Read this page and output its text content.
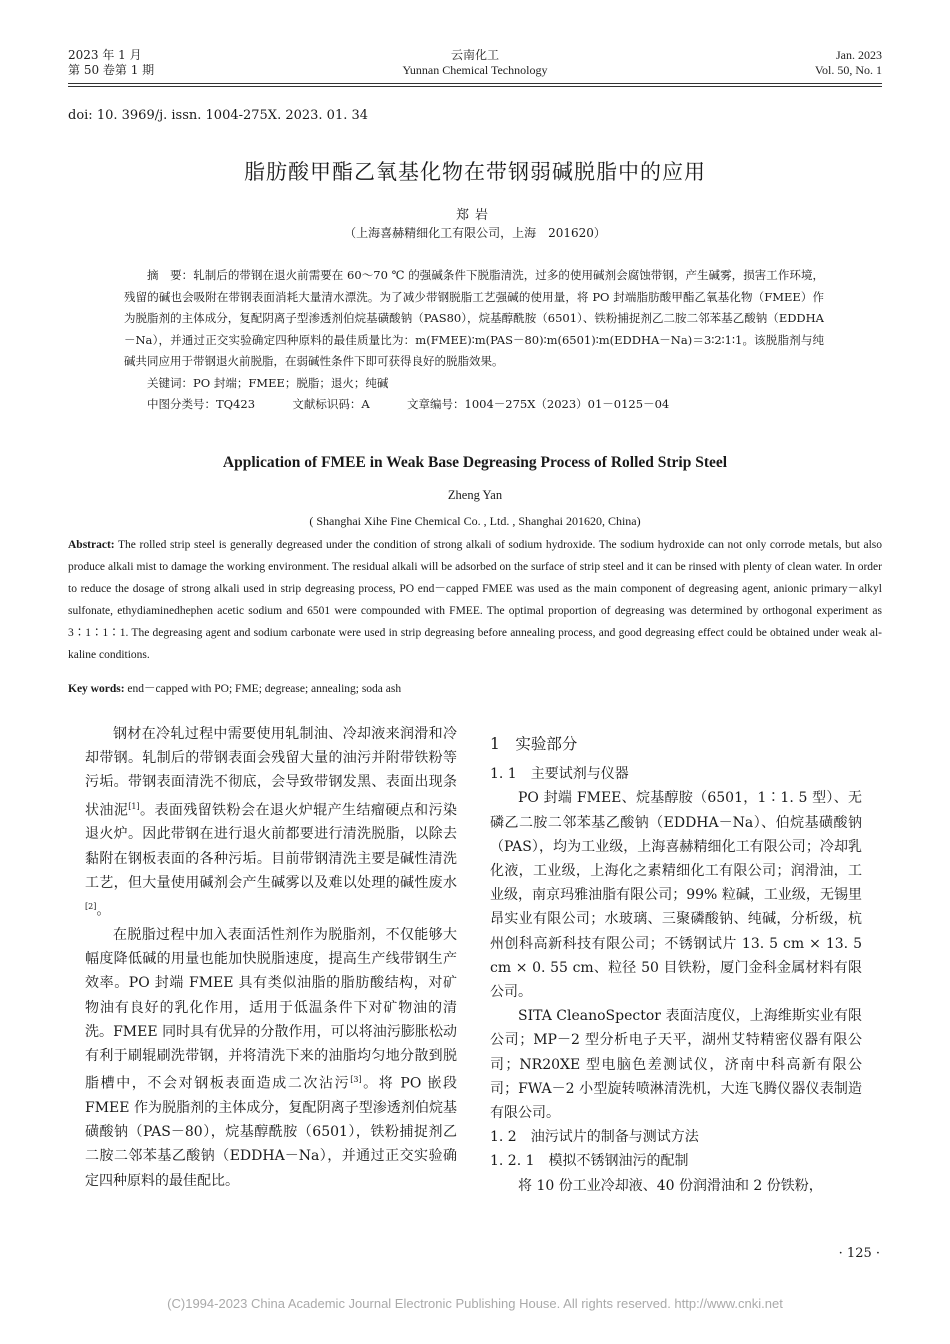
2023 年 1 月
第 50 卷第 1 期
云南化工
Yunnan Chemical Technology
Jan. 2023
Vol. 50, No. 1
doi: 10. 3969/j. issn. 1004-275X. 2023. 01. 34
脂肪酸甲酯乙氧基化物在带钢弱碱脱脂中的应用
郑岩
（上海喜赫精细化工有限公司，上海　201620）

摘　要：轧制后的带钢在退火前需要在 60～70 ℃ 的强碱条件下脱脂清洗，过多的使用碱剂会腐蚀带钢，产生碱雾，损害工作环境，残留的碱也会吸附在带钢表面消耗大量清水漂洗。为了减少带钢脱脂工艺强碱的使用量，将 PO 封端脂肪酸甲酯乙氧基化物（FMEE）作为脱脂剂的主体成分，复配阴离子型渗透剂伯烷基磺酸钠（PAS80），烷基醇酰胺（6501）、铁粉捕捉剂乙二胺二邻苯基乙酸钠（EDDHA－Na），并通过正交实验确定四种原料的最佳质量比为：m(FMEE)∶m(PAS－80)∶m(6501)∶m(EDDHA－Na)＝3∶2∶1∶1。该脱脂剂与纯碱共同应用于带钢退火前脱脂，在弱碱性条件下即可获得良好的脱脂效果。

关键词：PO 封端；FMEE；脱脂；退火；纯碱

中图分类号：TQ423	文献标识码：A	文章编号：1004－275X（2023）01－0125－04

Application of FMEE in Weak Base Degreasing Process of Rolled Strip Steel
Zheng Yan
( Shanghai Xihe Fine Chemical Co. , Ltd. , Shanghai 201620, China)

Abstract: The rolled strip steel is generally degreased under the condition of strong alkali of sodium hydroxide. The sodium hydroxide can not only corrode metals, but also produce alkali mist to damage the working environment. The residual alkali will be adsorbed on the surface of strip steel and it can be rinsed with plenty of clean water. In order to reduce the dosage of strong alkali used in strip degreasing process, PO end－capped FMEE was used as the main component of degreasing agent, anionic primary－alkyl sulfonate, ethydiaminedhephen acetic sodium and 6501 were compounded with FMEE. The optimal proportion of degreasing was determined by orthogonal experiment as 3∶1∶1∶1. The degreasing agent and sodium carbonate were used in strip degreasing before annealing process, and good degreasing effect could be obtained under weak al-kaline conditions.

Key words: end－capped with PO; FME; degrease; annealing; soda ash

钢材在冷轧过程中需要使用轧制油、冷却液来润滑和冷却带钢。轧制后的带钢表面会残留大量的油污并附带铁粉等污垢。带钢表面清洗不彻底，会导致带钢发黑、表面出现条状油泥[1]。表面残留铁粉会在退火炉辊产生结瘤硬点和污染退火炉。因此带钢在进行退火前都要进行清洗脱脂，以除去黏附在钢板表面的各种污垢。目前带钢清洗主要是碱性清洗工艺，但大量使用碱剂会产生碱雾以及难以处理的碱性废水[2]。

在脱脂过程中加入表面活性剂作为脱脂剂，不仅能够大幅度降低碱的用量也能加快脱脂速度，提高生产线带钢生产效率。PO 封端 FMEE 具有类似油脂的脂肪酸结构，对矿物油有良好的乳化作用，适用于低温条件下对矿物油的清洗。FMEE 同时具有优异的分散作用，可以将油污膨胀松动有利于刷辊刷洗带钢，并将清洗下来的油脂均匀地分散到脱脂槽中，不会对钢板表面造成二次沾污[3]。将 PO 嵌段 FMEE 作为脱脂剂的主体成分，复配阴离子型渗透剂伯烷基磺酸钠（PAS－80），烷基醇酰胺（6501），铁粉捕捉剂乙二胺二邻苯基乙酸钠（EDDHA－Na），并通过正交实验确定四种原料的最佳配比。

1　实验部分
1. 1　主要试剂与仪器

PO 封端 FMEE、烷基醇胺（6501，1∶1. 5 型）、无磷乙二胺二邻苯基乙酸钠（EDDHA－Na）、伯烷基磺酸钠（PAS），均为工业级，上海喜赫精细化工有限公司；冷却乳化液，工业级，上海化之素精细化工有限公司；润滑油，工业级，南京玛雅油脂有限公司；99% 粒碱，工业级，无锡里昂实业有限公司；水玻璃、三聚磷酸钠、纯碱，分析级，杭州创科高新科技有限公司；不锈钢试片 13. 5 cm × 13. 5 cm × 0. 55 cm、粒径 50 目铁粉，厦门金科金属材料有限公司。

SITA CleanoSpector 表面洁度仪，上海维斯实业有限公司；MP－2 型分析电子天平，湖州艾特精密仪器有限公司；NR20XE 型电脑色差测试仪，济南中科高新有限公司；FWA－2 小型旋转喷淋清洗机，大连飞腾仪器仪表制造有限公司。

1. 2　油污试片的制备与测试方法
1. 2. 1　模拟不锈钢油污的配制

将 10 份工业冷却液、40 份润滑油和 2 份铁粉，

· 125 ·
(C)1994-2023 China Academic Journal Electronic Publishing House. All rights reserved. http://www.cnki.net
